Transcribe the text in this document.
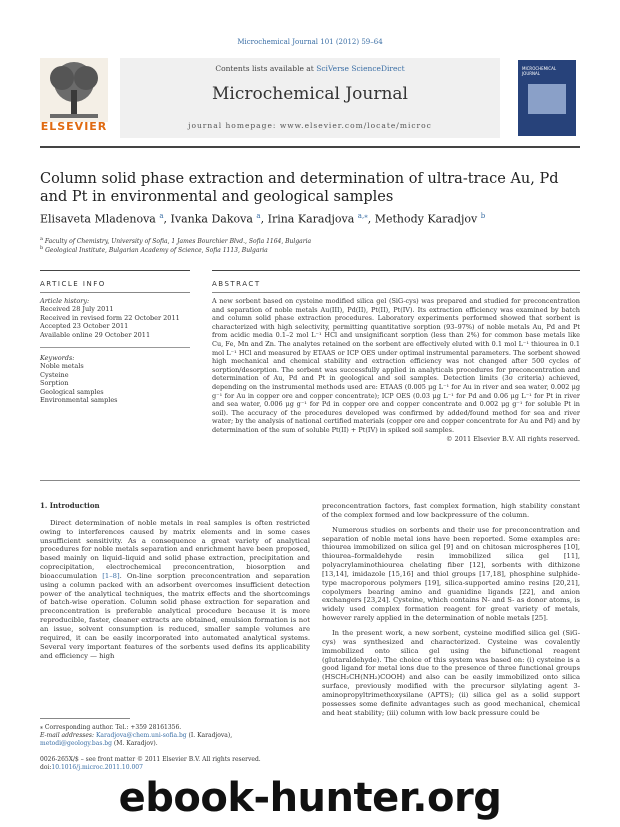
Microchemical Journal 101 (2012) 59–64
ELSEVIER
Contents lists available at SciVerse ScienceDirect
Microchemical Journal
journal homepage: www.elsevier.com/locate/microc
MICROCHEMICAL JOURNAL
Column solid phase extraction and determination of ultra-trace Au, Pd and Pt in environmental and geological samples
Elisaveta Mladenova $^a$, Ivanka Dakova $^a$, Irina Karadjova $^{a,⁎}$, Methody Karadjov $^b$
$^a$ Faculty of Chemistry, University of Sofia, 1 James Bourchier Blvd., Sofia 1164, Bulgaria
$^b$ Geological Institute, Bulgarian Academy of Science, Sofia 1113, Bulgaria
ARTICLE INFO	ABSTRACT
Article history:
Received 28 July 2011
Received in revised form 22 October 2011
Accepted 23 October 2011
Available online 29 October 2011
Keywords:
Noble metals
Cysteine
Sorption
Geological samples
Environmental samples
A new sorbent based on cysteine modified silica gel (SiG-cys) was prepared and studied for preconcentration and separation of noble metals Au(III), Pd(II), Pt(II), Pt(IV). Its extraction efficiency was examined by batch and column solid phase extraction procedures. Laboratory experiments performed showed that sorbent is characterized with high selectivity, permitting quantitative sorption (93–97%) of noble metals Au, Pd and Pt from acidic media 0.1–2 mol L⁻¹ HCl and unsignificant sorption (less than 2%) for common base metals like Cu, Fe, Mn and Zn. The analytes retained on the sorbent are effectively eluted with 0.1 mol L⁻¹ thiourea in 0.1 mol L⁻¹ HCl and measured by ETAAS or ICP OES under optimal instrumental parameters. The sorbent showed high mechanical and chemical stability and extraction efficiency was not changed after 500 cycles of sorption/desorption. The sorbent was successfully applied in analyticals procedures for preconcentration and determination of Au, Pd and Pt in geological and soil samples. Detection limits (3σ criteria) achieved, depending on the instrumental methods used are: ETAAS (0.005 μg L⁻¹ for Au in river and sea water, 0.002 μg g⁻¹ for Au in copper ore and copper concentrate); ICP OES (0.03 μg L⁻¹ for Pd and 0.06 μg L⁻¹ for Pt in river and sea water, 0.006 μg g⁻¹ for Pd in copper ore and copper concentrate and 0.002 μg g⁻¹ for soluble Pt in soil). The accuracy of the procedures developed was confirmed by added/found method for sea and river water; by the analysis of national certified materials (copper ore and copper concentrate for Au and Pd) and by determination of the sum of soluble Pt(II) + Pt(IV) in spiked soil samples.
© 2011 Elsevier B.V. All rights reserved.
1. Introduction

Direct determination of noble metals in real samples is often restricted owing to interferences caused by matrix elements and in some cases unsufficient sensitivity. As a consequence a great variety of analytical procedures for noble metals separation and enrichment have been proposed, based mainly on liquid–liquid and solid phase extraction, precipitation and coprecipitation, electrochemical preconcentration, biosorption and bioaccumulation [1–8]. On-line sorption preconcentration and separation using a column packed with an adsorbent overcomes insufficient detection power of the analytical techniques, the matrix effects and the shortcomings of batch-wise operation. Column solid phase extraction for separation and preconcentration is preferable analytical procedure because it is more reproducible, faster, cleaner extracts are obtained, emulsion formation is not an issue, solvent consumption is reduced, smaller sample volumes are required, it can be easily incorporated into automated analytical systems. Several very important features of the sorbents used defins its applicability and efficiency — high

preconcentration factors, fast complex formation, high stability constant of the complex formed and low backpressure of the column.

Numerous studies on sorbents and their use for preconcentration and separation of noble metal ions have been reported. Some examples are: thiourea immobilized on silica gel [9] and on chitosan microspheres [10], thiourea–formaldehyde resin immobilized silica gel [11], polyacrylaminothiourea chelating fiber [12], sorbents with dithizone [13,14], imidazole [15,16] and thiol groups [17,18], phosphine sulphide-type macroporous polymers [19], silica-supported amino resins [20,21], copolymers bearing amino and guanidine ligands [22], and anion exchangers [23,24]. Cysteine, which contains N- and S- as donor atoms, is widely used complex formation reagent for great variety of metals, however rarely applied in the determination of noble metals [25].

In the present work, a new sorbent, cysteine modified silica gel (SiG-cys) was synthesized and characterized. Cysteine was covalently immobilized onto silica gel using the bifunctional reagent (glutaraldehyde). The choice of this system was based on: (i) cysteine is a good ligand for metal ions due to the presence of three functional groups (HSCH₂CH(NH₂)COOH) and also can be easily immobilized onto silica surface, previously modified with the precursor silylating agent 3-aminopropyltrimethoxysilane (APTS); (ii) silica gel as a solid support possesses some definite advantages such as good mechanical, chemical and heat stability; (iii) column with low back pressure could be

⁎ Corresponding author. Tel.: +359 28161356.
E-mail addresses: Karadjova@chem.uni-sofia.bg (I. Karadjova),
metodi@geology.bas.bg (M. Karadjov).
0026-265X/$ – see front matter © 2011 Elsevier B.V. All rights reserved.
doi:10.1016/j.microc.2011.10.007
ebook-hunter.org
